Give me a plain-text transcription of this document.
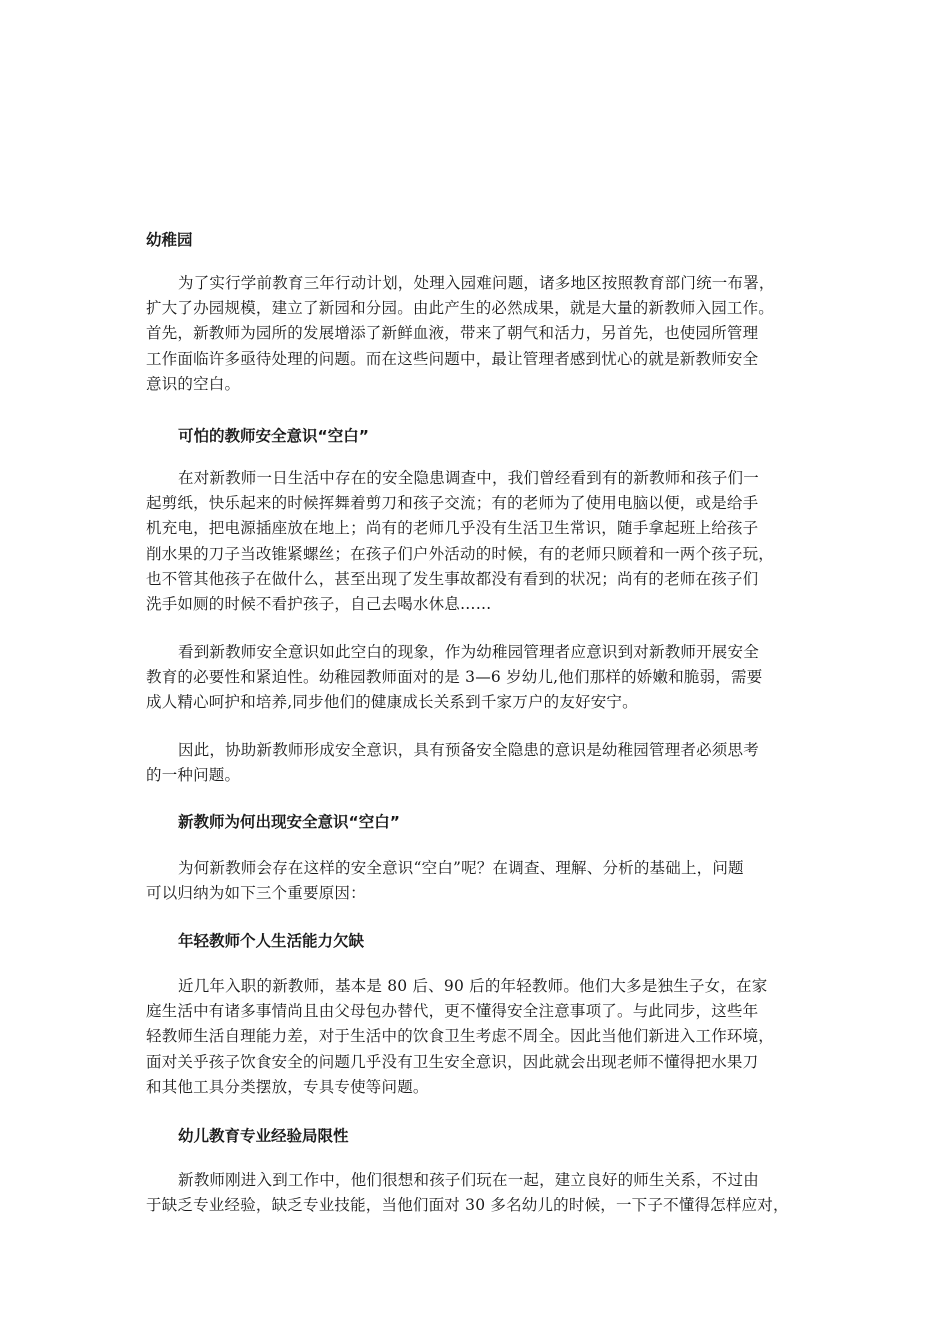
幼稚园
为了实行学前教育三年行动计划，处理入园难问题，诸多地区按照教育部门统一布署，
扩大了办园规模，建立了新园和分园。由此产生的必然成果，就是大量的新教师入园工作。
首先，新教师为园所的发展增添了新鲜血液，带来了朝气和活力，另首先，也使园所管理
工作面临许多亟待处理的问题。而在这些问题中，最让管理者感到忧心的就是新教师安全
意识的空白。
可怕的教师安全意识“空白”
在对新教师一日生活中存在的安全隐患调查中，我们曾经看到有的新教师和孩子们一
起剪纸，快乐起来的时候挥舞着剪刀和孩子交流；有的老师为了使用电脑以便，或是给手
机充电，把电源插座放在地上；尚有的老师几乎没有生活卫生常识，随手拿起班上给孩子
削水果的刀子当改锥紧螺丝；在孩子们户外活动的时候，有的老师只顾着和一两个孩子玩，
也不管其他孩子在做什么，甚至出现了发生事故都没有看到的状况；尚有的老师在孩子们
洗手如厕的时候不看护孩子，自己去喝水休息……
看到新教师安全意识如此空白的现象，作为幼稚园管理者应意识到对新教师开展安全
教育的必要性和紧迫性。幼稚园教师面对的是 3—6 岁幼儿,他们那样的娇嫩和脆弱，需要
成人精心呵护和培养,同步他们的健康成长关系到千家万户的友好安宁。
因此，协助新教师形成安全意识，具有预备安全隐患的意识是幼稚园管理者必须思考
的一种问题。
新教师为何出现安全意识“空白”
为何新教师会存在这样的安全意识“空白”呢？在调查、理解、分析的基础上，问题
可以归纳为如下三个重要原因：
年轻教师个人生活能力欠缺
近几年入职的新教师，基本是 80 后、90 后的年轻教师。他们大多是独生子女，在家
庭生活中有诸多事情尚且由父母包办替代，更不懂得安全注意事项了。与此同步，这些年
轻教师生活自理能力差，对于生活中的饮食卫生考虑不周全。因此当他们新进入工作环境，
面对关乎孩子饮食安全的问题几乎没有卫生安全意识，因此就会出现老师不懂得把水果刀
和其他工具分类摆放，专具专使等问题。
幼儿教育专业经验局限性
新教师刚进入到工作中，他们很想和孩子们玩在一起，建立良好的师生关系，不过由
于缺乏专业经验，缺乏专业技能，当他们面对 30 多名幼儿的时候，一下子不懂得怎样应对，
